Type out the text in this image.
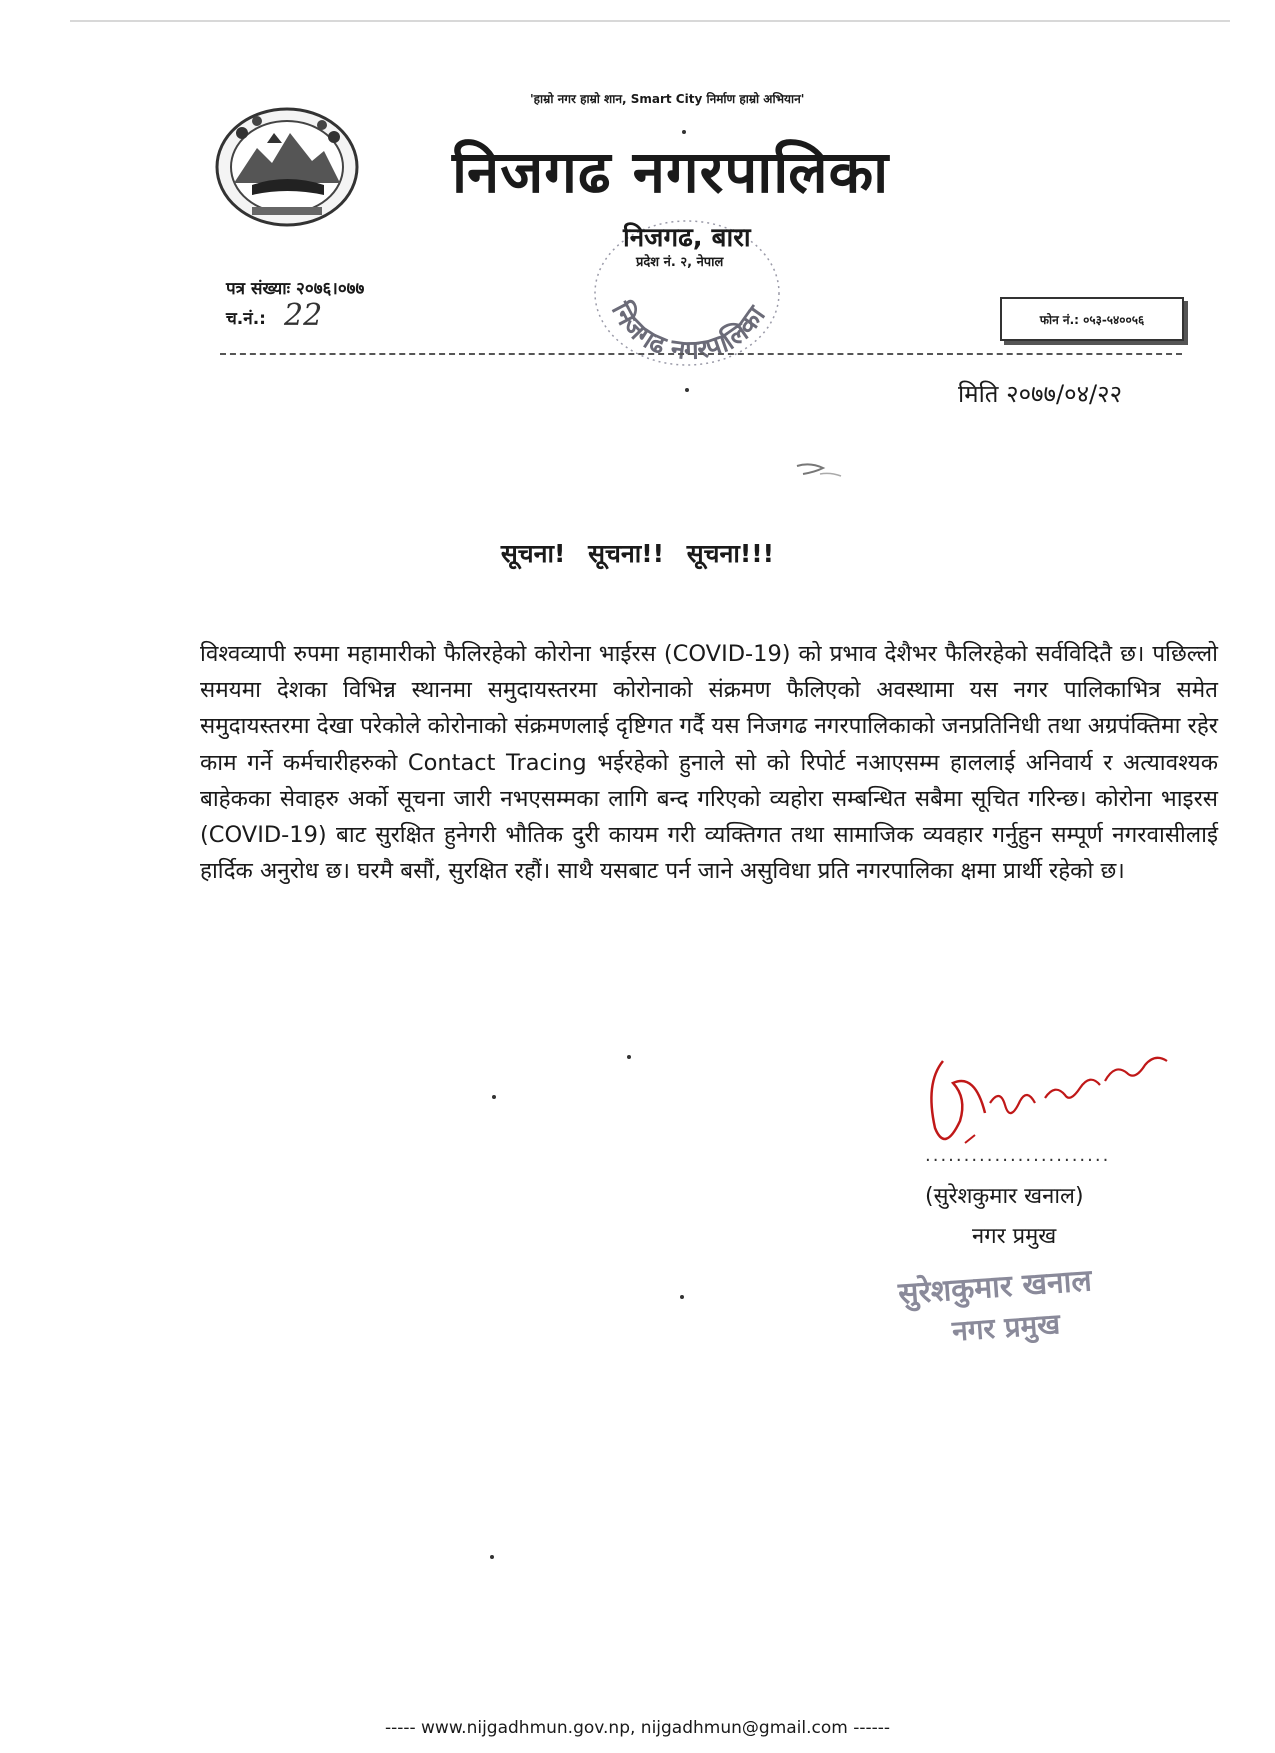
'हाम्रो नगर हाम्रो शान, Smart City निर्माण हाम्रो अभियान'
निजगढ नगरपालिका
निजगढ नगरपालिका
निजगढ, बारा
प्रदेश नं. २, नेपाल
पत्र संख्याः २०७६।०७७
च.नं.: 22	फोन नं.: ०५३-५४००५६
मिति २०७७/०४/२२
सूचना! सूचना!! सूचना!!!
विश्वव्यापी रुपमा महामारीको फैलिरहेको कोरोना भाईरस (COVID-19) को प्रभाव देशैभर फैलिरहेको सर्वविदितै छ। पछिल्लो समयमा देशका विभिन्न स्थानमा समुदायस्तरमा कोरोनाको संक्रमण फैलिएको अवस्थामा यस नगर पालिकाभित्र समेत समुदायस्तरमा देखा परेकोले कोरोनाको संक्रमणलाई दृष्टिगत गर्दै यस निजगढ नगरपालिकाको जनप्रतिनिधी तथा अग्रपंक्तिमा रहेर काम गर्ने कर्मचारीहरुको Contact Tracing भईरहेको हुनाले सो को रिपोर्ट नआएसम्म हाललाई अनिवार्य र अत्यावश्यक बाहेकका सेवाहरु अर्को सूचना जारी नभएसम्मका लागि बन्द गरिएको व्यहोरा सम्बन्धित सबैमा सूचित गरिन्छ। कोरोना भाइरस (COVID-19) बाट सुरक्षित हुनेगरी भौतिक दुरी कायम गरी व्यक्तिगत तथा सामाजिक व्यवहार गर्नुहुन सम्पूर्ण नगरवासीलाई हार्दिक अनुरोध छ। घरमै बसौं, सुरक्षित रहौं। साथै यसबाट पर्न जाने असुविधा प्रति नगरपालिका क्षमा प्रार्थी रहेको छ।
........................
(सुरेशकुमार खनाल)
नगर प्रमुख
सुरेशकुमार खनाल
नगर प्रमुख
----- www.nijgadhmun.gov.np, nijgadhmun@gmail.com ------
